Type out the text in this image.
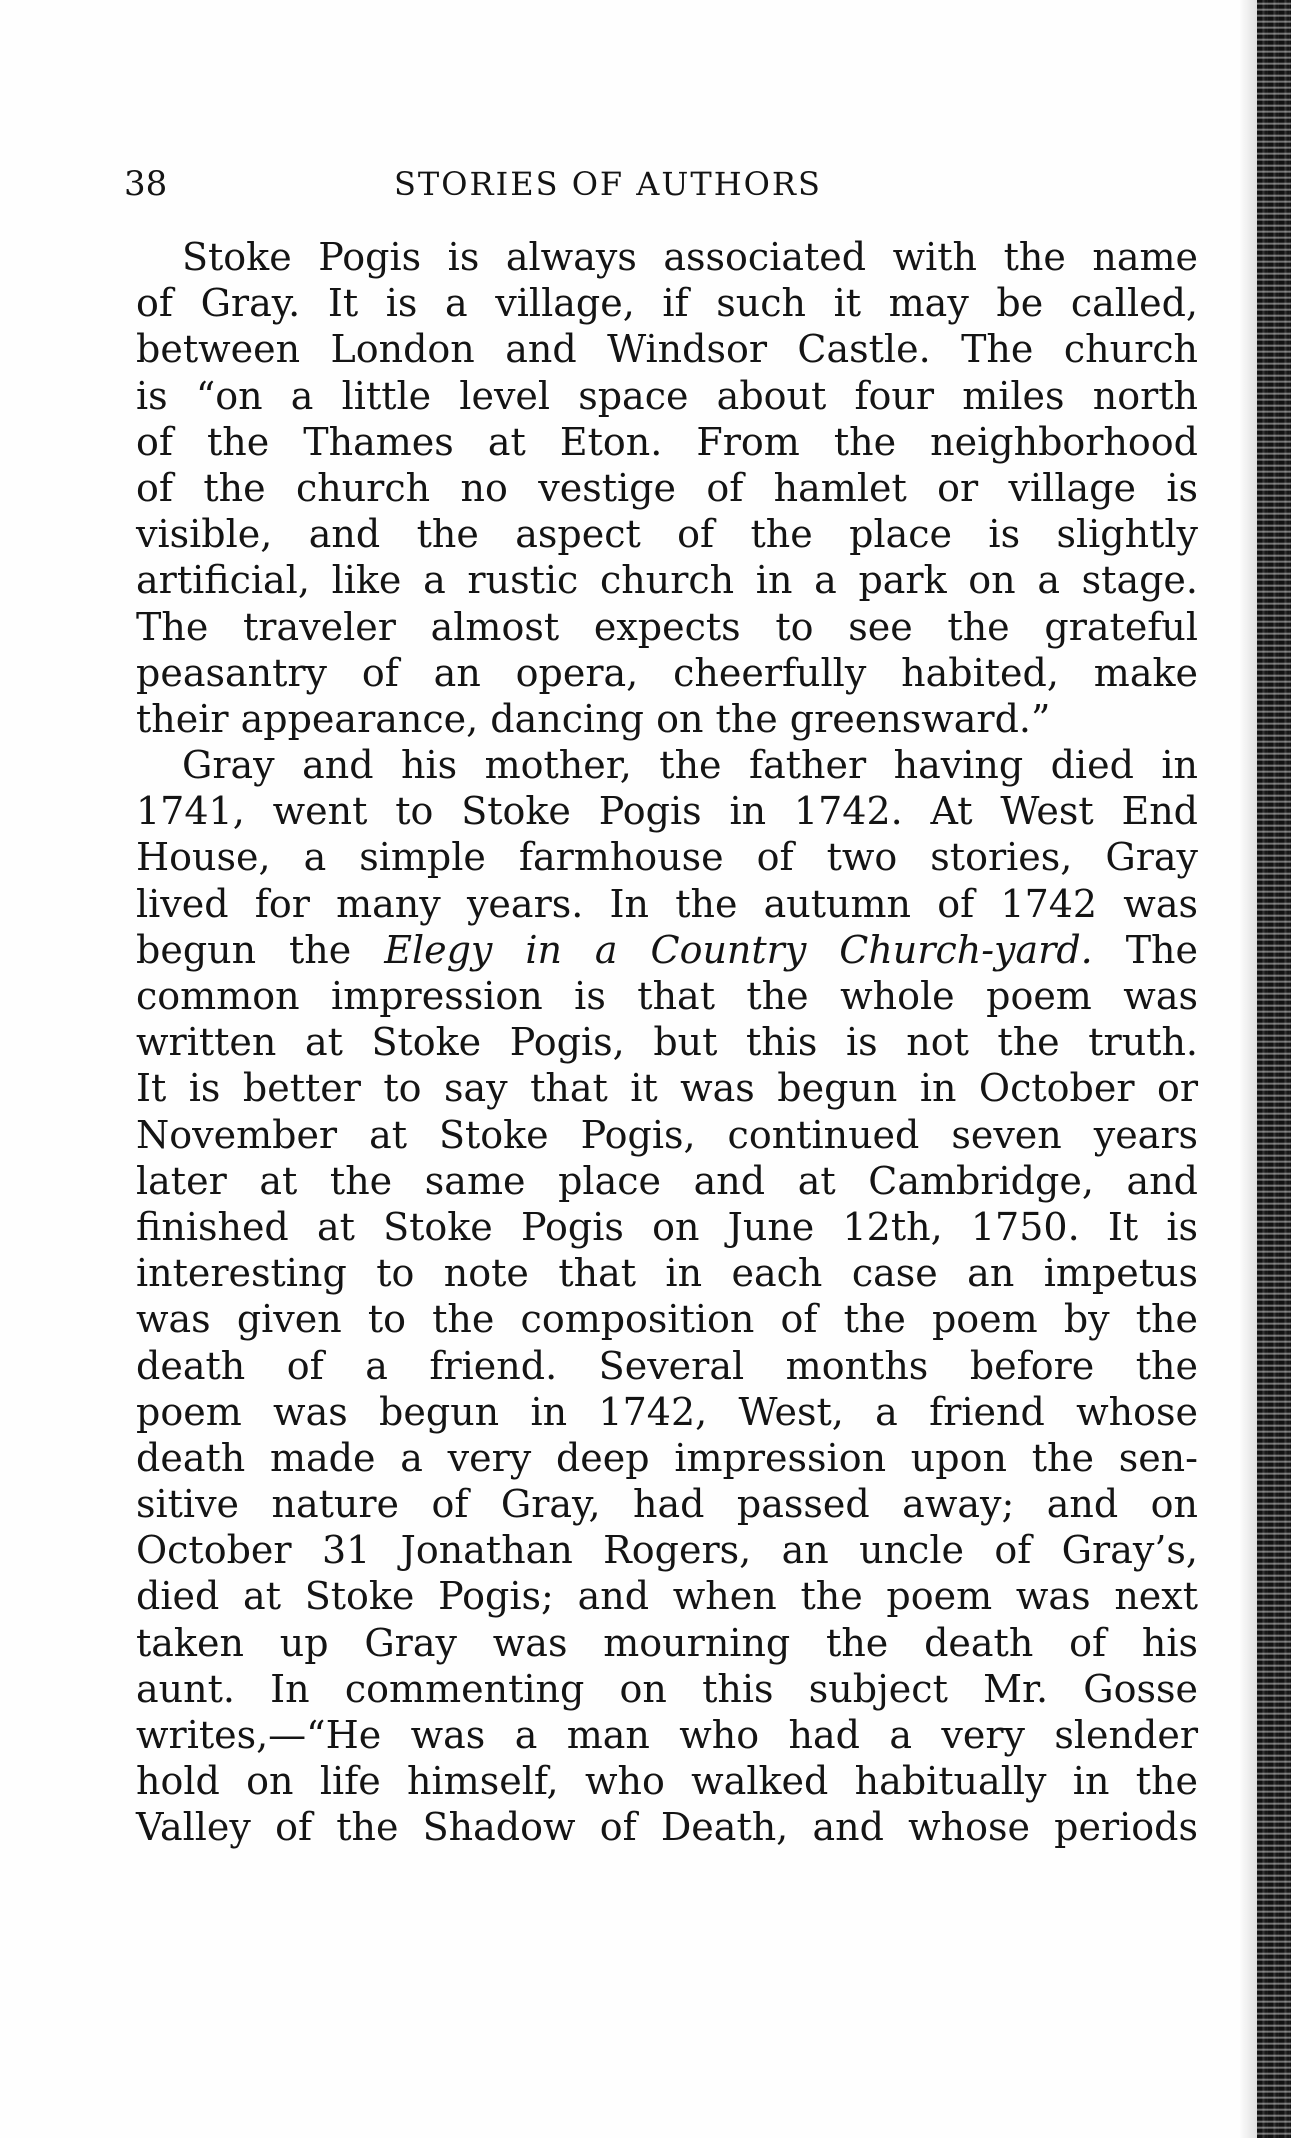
38	STORIES OF AUTHORS
Stoke Pogis is always associated with the name
of Gray. It is a village, if such it may be called,
between London and Windsor Castle. The church
is “on a little level space about four miles north
of the Thames at Eton. From the neighborhood
of the church no vestige of hamlet or village is
visible, and the aspect of the place is slightly
artificial, like a rustic church in a park on a stage.
The traveler almost expects to see the grateful
peasantry of an opera, cheerfully habited, make
their appearance, dancing on the greensward.”
Gray and his mother, the father having died in
1741, went to Stoke Pogis in 1742. At West End
House, a simple farmhouse of two stories, Gray
lived for many years. In the autumn of 1742 was
begun the Elegy in a Country Church-yard. The
common impression is that the whole poem was
written at Stoke Pogis, but this is not the truth.
It is better to say that it was begun in October or
November at Stoke Pogis, continued seven years
later at the same place and at Cambridge, and
finished at Stoke Pogis on June 12th, 1750. It is
interesting to note that in each case an impetus
was given to the composition of the poem by the
death of a friend. Several months before the
poem was begun in 1742, West, a friend whose
death made a very deep impression upon the sen-
sitive nature of Gray, had passed away; and on
October 31 Jonathan Rogers, an uncle of Gray’s,
died at Stoke Pogis; and when the poem was next
taken up Gray was mourning the death of his
aunt. In commenting on this subject Mr. Gosse
writes,—“He was a man who had a very slender
hold on life himself, who walked habitually in the
Valley of the Shadow of Death, and whose periods
